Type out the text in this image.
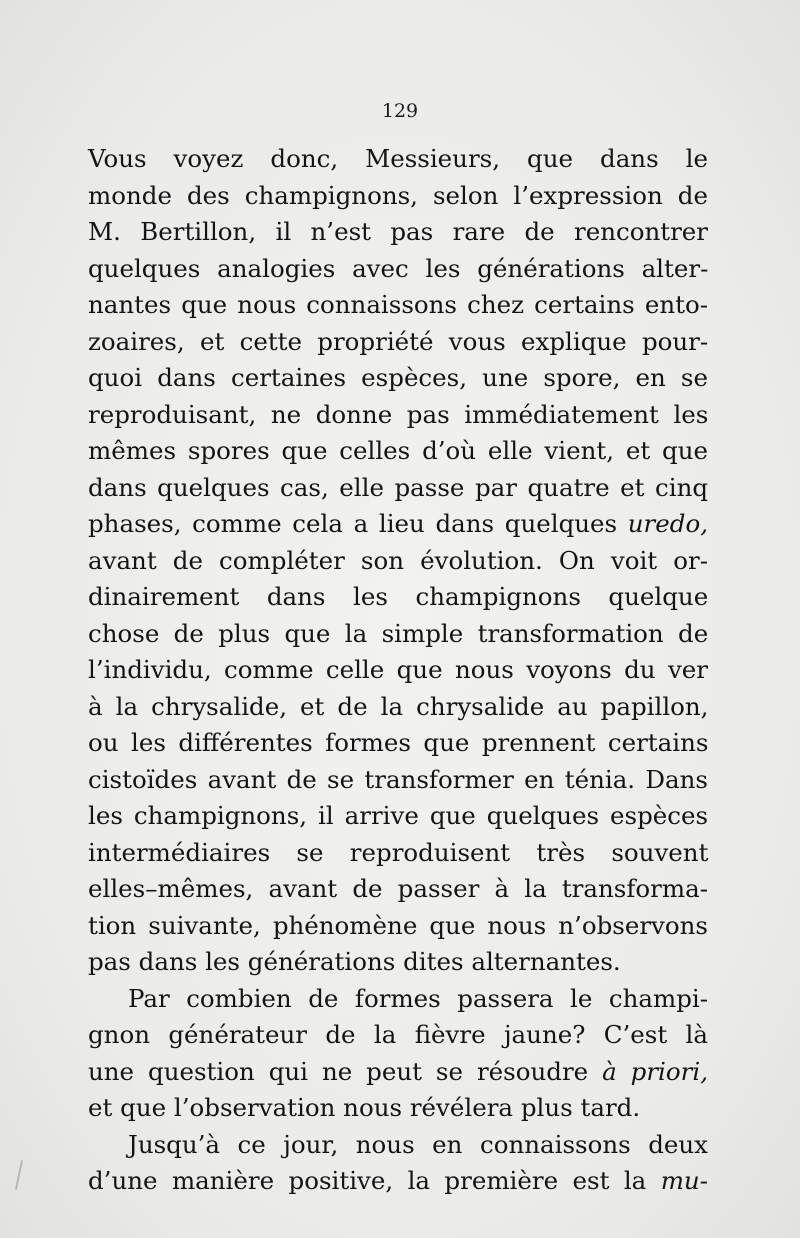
129

Vous voyez donc, Messieurs, que dans le
monde des champignons, selon l’expression de
M. Bertillon, il n’est pas rare de rencontrer
quelques analogies avec les générations alter-
nantes que nous connaissons chez certains ento-
zoaires, et cette propriété vous explique pour-
quoi dans certaines espèces, une spore, en se
reproduisant, ne donne pas immédiatement les
mêmes spores que celles d’où elle vient, et que
dans quelques cas, elle passe par quatre et cinq
phases, comme cela a lieu dans quelques uredo,
avant de compléter son évolution. On voit or-
dinairement dans les champignons quelque
chose de plus que la simple transformation de
l’individu, comme celle que nous voyons du ver
à la chrysalide, et de la chrysalide au papillon,
ou les différentes formes que prennent certains
cistoïdes avant de se transformer en ténia. Dans
les champignons, il arrive que quelques espèces
intermédiaires se reproduisent très souvent
elles–mêmes, avant de passer à la transforma-
tion suivante, phénomène que nous n’observons
pas dans les générations dites alternantes.

Par combien de formes passera le champi-
gnon générateur de la fièvre jaune? C’est là
une question qui ne peut se résoudre à priori,
et que l’observation nous révélera plus tard.

Jusqu’à ce jour, nous en connaissons deux
d’une manière positive, la première est la mu-
